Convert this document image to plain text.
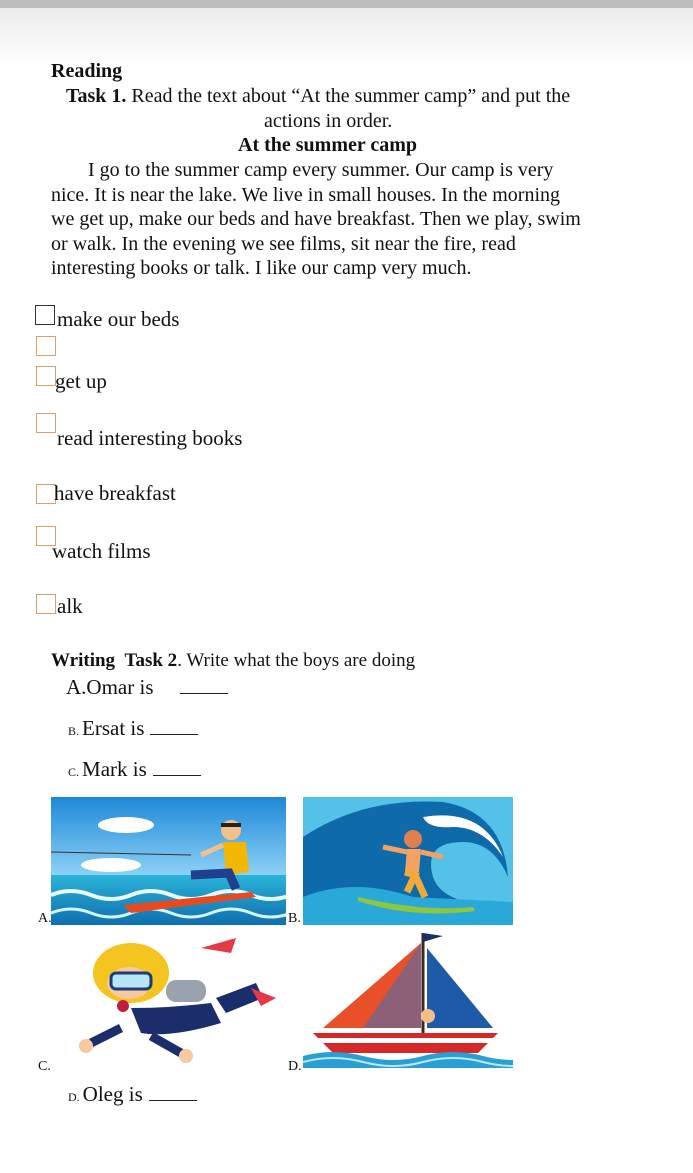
Reading
Task 1. Read the text about “At the summer camp” and put the
actions in order.
At the summer camp
I go to the summer camp every summer. Our camp is very
nice. It is near the lake. We live in small houses. In the morning
we get up, make our beds and have breakfast. Then we play, swim
or walk. In the evening we see films, sit near the fire, read
interesting books or talk. I like our camp very much.
make our beds
get up
read interesting books
have breakfast
watch films
alk
Writing Task 2. Write what the boys are doing
A.Omar is
B. Ersat is
C. Mark is
A.	B.
C.	D.
D. Oleg is
